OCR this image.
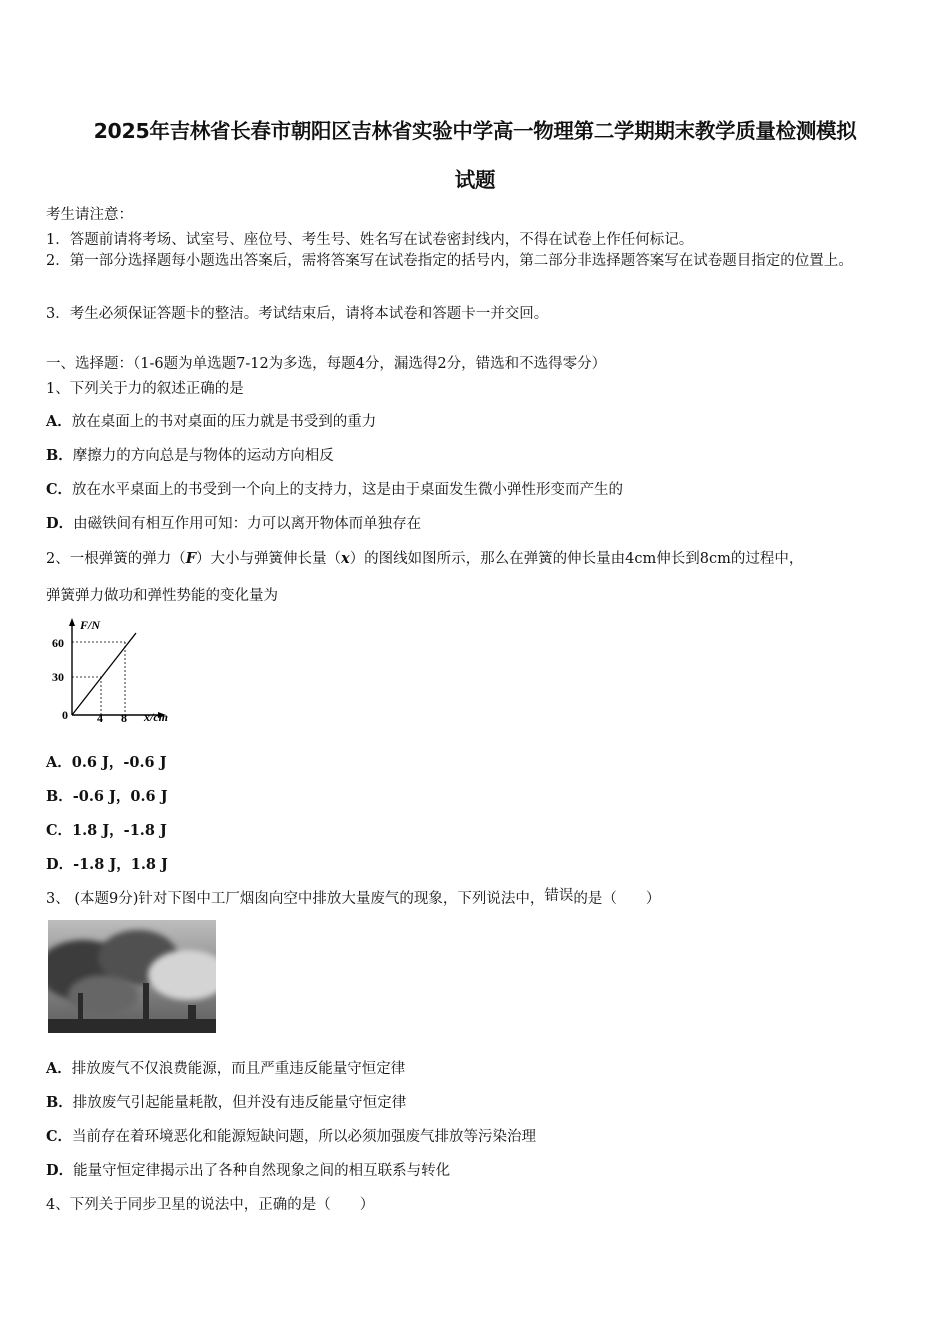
2025年吉林省长春市朝阳区吉林省实验中学高一物理第二学期期末教学质量检测模拟
试题
考生请注意：
1．答题前请将考场、试室号、座位号、考生号、姓名写在试卷密封线内，不得在试卷上作任何标记。
2．第一部分选择题每小题选出答案后，需将答案写在试卷指定的括号内，第二部分非选择题答案写在试卷题目指定的位置上。
3．考生必须保证答题卡的整洁。考试结束后，请将本试卷和答题卡一并交回。
一、选择题：（1-6题为单选题7-12为多选，每题4分，漏选得2分，错选和不选得零分）
1、下列关于力的叙述正确的是
A．放在桌面上的书对桌面的压力就是书受到的重力
B．摩擦力的方向总是与物体的运动方向相反
C．放在水平桌面上的书受到一个向上的支持力，这是由于桌面发生微小弹性形变而产生的
D．由磁铁间有相互作用可知：力可以离开物体而单独存在
2、一根弹簧的弹力（F）大小与弹簧伸长量（x）的图线如图所示，那么在弹簧的伸长量由4cm伸长到8cm的过程中，
弹簧弹力做功和弹性势能的变化量为
F/N
60
30
0 4 8 x/cm
A．0.6 J，-0.6 J
B．-0.6 J，0.6 J
C．1.8 J，-1.8 J
D．-1.8 J，1.8 J
3、 (本题9分)针对下图中工厂烟囱向空中排放大量废气的现象，下列说法中，错误的是（　　）
A．排放废气不仅浪费能源，而且严重违反能量守恒定律
B．排放废气引起能量耗散，但并没有违反能量守恒定律
C．当前存在着环境恶化和能源短缺问题，所以必须加强废气排放等污染治理
D．能量守恒定律揭示出了各种自然现象之间的相互联系与转化
4、下列关于同步卫星的说法中，正确的是（　　）
